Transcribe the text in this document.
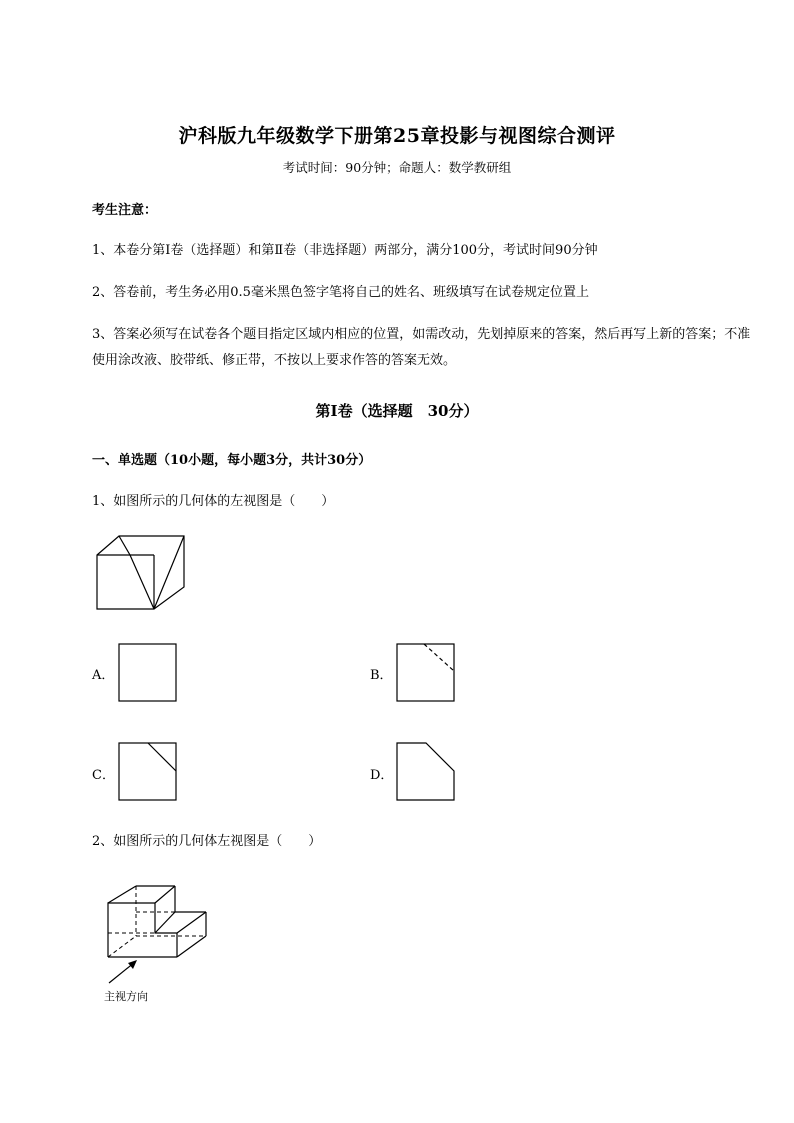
沪科版九年级数学下册第25章投影与视图综合测评
考试时间：90分钟；命题人：数学教研组
考生注意：
1、本卷分第I卷（选择题）和第Ⅱ卷（非选择题）两部分，满分100分，考试时间90分钟
2、答卷前，考生务必用0.5毫米黑色签字笔将自己的姓名、班级填写在试卷规定位置上
3、答案必须写在试卷各个题目指定区域内相应的位置，如需改动，先划掉原来的答案，然后再写上新的答案；不准使用涂改液、胶带纸、修正带，不按以上要求作答的答案无效。
第I卷（选择题　30分）
一、单选题（10小题，每小题3分，共计30分）
1、如图所示的几何体的左视图是（　　）
A．	B．
C．	D．
2、如图所示的几何体左视图是（　　）
主视方向
